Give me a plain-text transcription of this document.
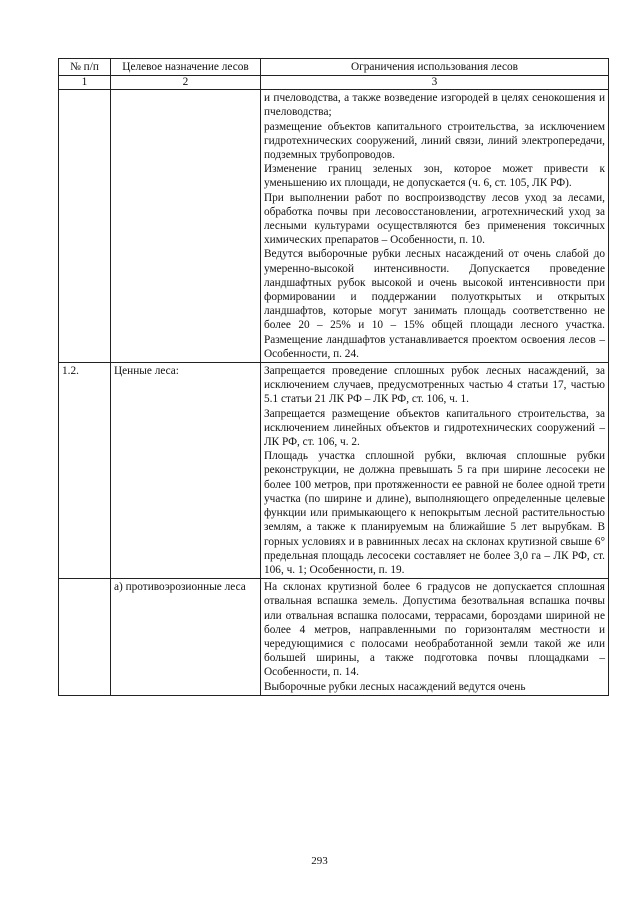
№ п/п	Целевое назначение лесов	Ограничения использования лесов
1	2	3

		и пчеловодства, а также возведение изгородей в целях сенокошения и пчеловодства;

размещение объектов капитального строительства, за исключением гидротехнических сооружений, линий связи, линий электропередачи, подземных трубопроводов.

Изменение границ зеленых зон, которое может привести к уменьшению их площади, не допускается (ч. 6, ст. 105, ЛК РФ).

При выполнении работ по воспроизводству лесов уход за лесами, обработка почвы при лесовосстановлении, агротехнический уход за лесными культурами осуществляются без применения токсичных химических препаратов – Особенности, п. 10.

Ведутся выборочные рубки лесных насаждений от очень слабой до умеренно-высокой интенсивности. Допускается проведение ландшафтных рубок высокой и очень высокой интенсивности при формировании и поддержании полуоткрытых и открытых ландшафтов, которые могут занимать площадь соответственно не более 20 – 25% и 10 – 15% общей площади лесного участка. Размещение ландшафтов устанавливается проектом освоения лесов – Особенности, п. 24.

1.2.	Ценные леса:	Запрещается проведение сплошных рубок лесных насаждений, за исключением случаев, предусмотренных частью 4 статьи 17, частью 5.1 статьи 21 ЛК РФ – ЛК РФ, ст. 106, ч. 1.

Запрещается размещение объектов капитального строительства, за исключением линейных объектов и гидротехнических сооружений – ЛК РФ, ст. 106, ч. 2.

Площадь участка сплошной рубки, включая сплошные рубки реконструкции, не должна превышать 5 га при ширине лесосеки не более 100 метров, при протяженности ее равной не более одной трети участка (по ширине и длине), выполняющего определенные целевые функции или примыкающего к непокрытым лесной растительностью землям, а также к планируемым на ближайшие 5 лет вырубкам. В горных условиях и в равнинных лесах на склонах крутизной свыше 6° предельная площадь лесосеки составляет не более 3,0 га – ЛК РФ, ст. 106, ч. 1; Особенности, п. 19.

	а) противоэрозионные леса	На склонах крутизной более 6 градусов не допускается сплошная отвальная вспашка земель. Допустима безотвальная вспашка почвы или отвальная вспашка полосами, террасами, бороздами шириной не более 4 метров, направленными по горизонталям местности и чередующимися с полосами необработанной земли такой же или большей ширины, а также подготовка почвы площадками – Особенности, п. 14.

Выборочные рубки лесных насаждений ведутся очень

293
